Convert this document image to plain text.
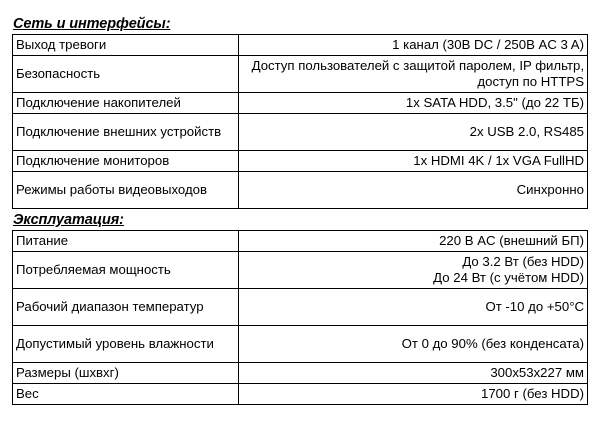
Сеть и интерфейсы:
Выход тревоги	1 канал (30В DC / 250В AC 3 A)
Безопасность	Доступ пользователей с защитой паролем, IP фильтр, доступ по HTTPS
Подключение накопителей	1x SATA HDD, 3.5" (до 22 ТБ)
Подключение внешних устройств	2x USB 2.0, RS485
Подключение мониторов	1x HDMI 4K / 1x VGA FullHD
Режимы работы видеовыходов	Синхронно
Эксплуатация:
Питание	220 В AC (внешний БП)
Потребляемая мощность	До 3.2 Вт (без HDD)
До 24 Вт (с учётом HDD)
Рабочий диапазон температур	От -10 до +50°C
Допустимый уровень влажности	От 0 до 90% (без конденсата)
Размеры (шxвxг)	300x53x227 мм
Вес	1700 г (без HDD)
